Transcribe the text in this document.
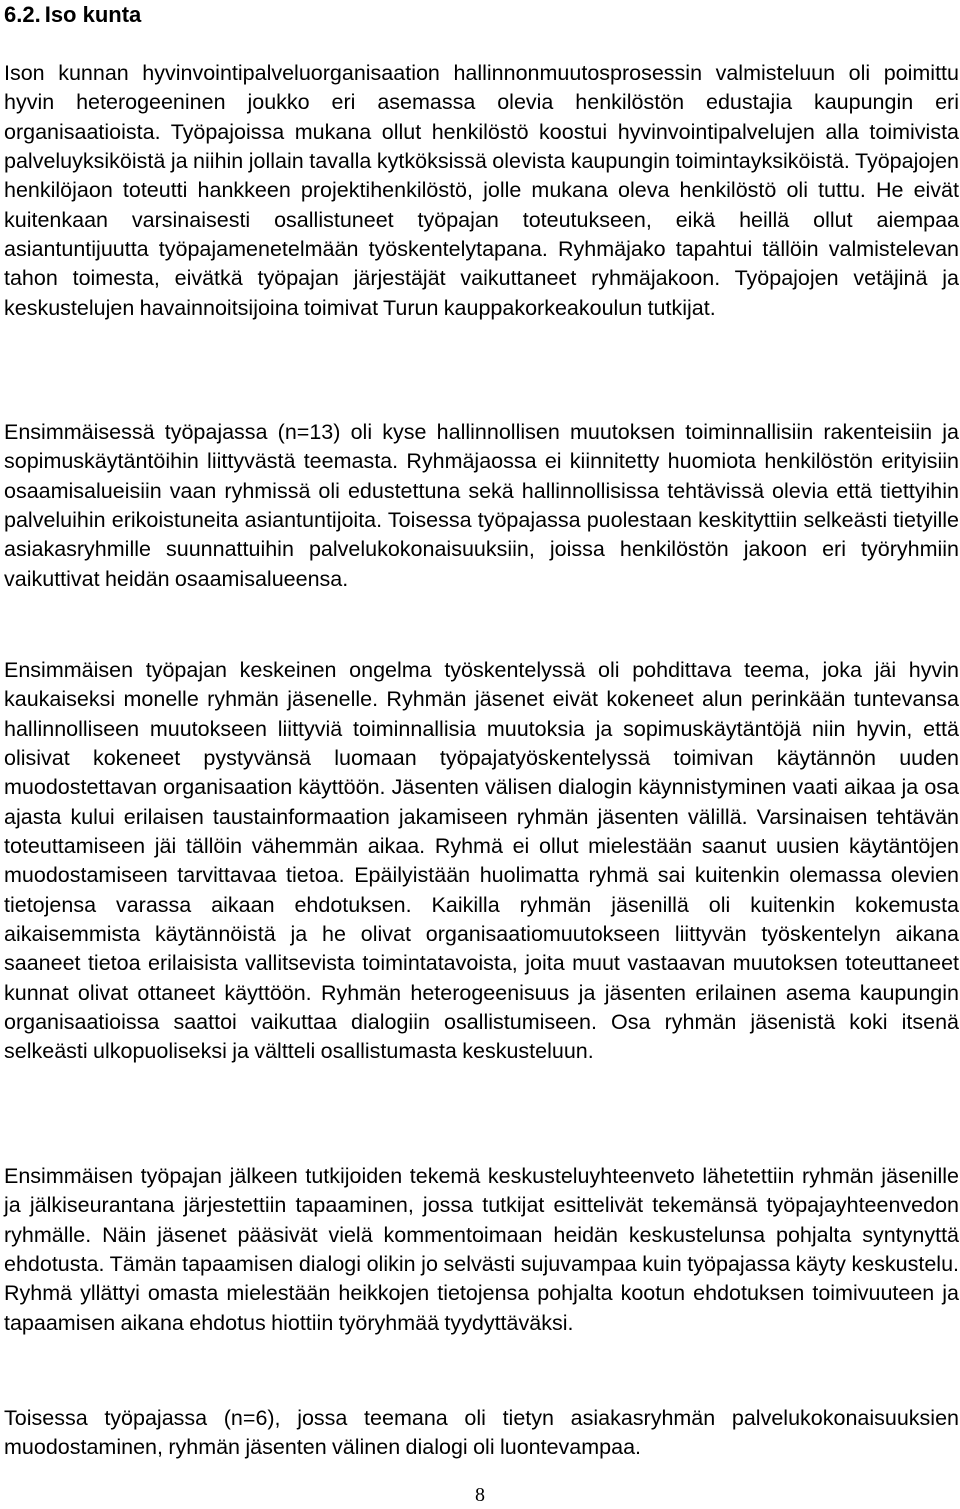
6.2. Iso kunta

Ison kunnan hyvinvointipalveluorganisaation hallinnonmuutosprosessin valmisteluun oli poimittu hyvin heterogeeninen joukko eri asemassa olevia henkilöstön edustajia kaupungin eri organisaatioista. Työpajoissa mukana ollut henkilöstö koostui hyvinvointipalvelujen alla toimivista palveluyksiköistä ja niihin jollain tavalla kytköksissä olevista kaupungin toimintayksiköistä. Työpajojen henkilöjaon toteutti hankkeen projektihenkilöstö, jolle mukana oleva henkilöstö oli tuttu. He eivät kuitenkaan varsinaisesti osallistuneet työpajan toteutukseen, eikä heillä ollut aiempaa asiantuntijuutta työpajamenetelmään työskentelytapana. Ryhmäjako tapahtui tällöin valmistelevan tahon toimesta, eivätkä työpajan järjestäjät vaikuttaneet ryhmäjakoon. Työpajojen vetäjinä ja keskustelujen havainnoitsijoina toimivat Turun kauppakorkeakoulun tutkijat.

Ensimmäisessä työpajassa (n=13) oli kyse hallinnollisen muutoksen toiminnallisiin rakenteisiin ja sopimuskäytäntöihin liittyvästä teemasta. Ryhmäjaossa ei kiinnitetty huomiota henkilöstön erityisiin osaamisalueisiin vaan ryhmissä oli edustettuna sekä hallinnollisissa tehtävissä olevia että tiettyihin palveluihin erikoistuneita asiantuntijoita. Toisessa työpajassa puolestaan keskityttiin selkeästi tietyille asiakasryhmille suunnattuihin palvelukokonaisuuksiin, joissa henkilöstön jakoon eri työryhmiin vaikuttivat heidän osaamisalueensa.

Ensimmäisen työpajan keskeinen ongelma työskentelyssä oli pohdittava teema, joka jäi hyvin kaukaiseksi monelle ryhmän jäsenelle. Ryhmän jäsenet eivät kokeneet alun perinkään tuntevansa hallinnolliseen muutokseen liittyviä toiminnallisia muutoksia ja sopimuskäytäntöjä niin hyvin, että olisivat kokeneet pystyvänsä luomaan työpajatyöskentelyssä toimivan käytännön uuden muodostettavan organisaation käyttöön. Jäsenten välisen dialogin käynnistyminen vaati aikaa ja osa ajasta kului erilaisen taustainformaation jakamiseen ryhmän jäsenten välillä. Varsinaisen tehtävän toteuttamiseen jäi tällöin vähemmän aikaa. Ryhmä ei ollut mielestään saanut uusien käytäntöjen muodostamiseen tarvittavaa tietoa. Epäilyistään huolimatta ryhmä sai kuitenkin olemassa olevien tietojensa varassa aikaan ehdotuksen. Kaikilla ryhmän jäsenillä oli kuitenkin kokemusta aikaisemmista käytännöistä ja he olivat organisaatiomuutokseen liittyvän työskentelyn aikana saaneet tietoa erilaisista vallitsevista toimintatavoista, joita muut vastaavan muutoksen toteuttaneet kunnat olivat ottaneet käyttöön. Ryhmän heterogeenisuus ja jäsenten erilainen asema kaupungin organisaatioissa saattoi vaikuttaa dialogiin osallistumiseen. Osa ryhmän jäsenistä koki itsenä selkeästi ulkopuoliseksi ja vältteli osallistumasta keskusteluun.

Ensimmäisen työpajan jälkeen tutkijoiden tekemä keskusteluyhteenveto lähetettiin ryhmän jäsenille ja jälkiseurantana järjestettiin tapaaminen, jossa tutkijat esittelivät tekemänsä työpajayhteenvedon ryhmälle. Näin jäsenet pääsivät vielä kommentoimaan heidän keskustelunsa pohjalta syntynyttä ehdotusta. Tämän tapaamisen dialogi olikin jo selvästi sujuvampaa kuin työpajassa käyty keskustelu. Ryhmä yllättyi omasta mielestään heikkojen tietojensa pohjalta kootun ehdotuksen toimivuuteen ja tapaamisen aikana ehdotus hiottiin työryhmää tyydyttäväksi.

Toisessa työpajassa (n=6), jossa teemana oli tietyn asiakasryhmän palvelukokonaisuuksien muodostaminen, ryhmän jäsenten välinen dialogi oli luontevampaa.

8
